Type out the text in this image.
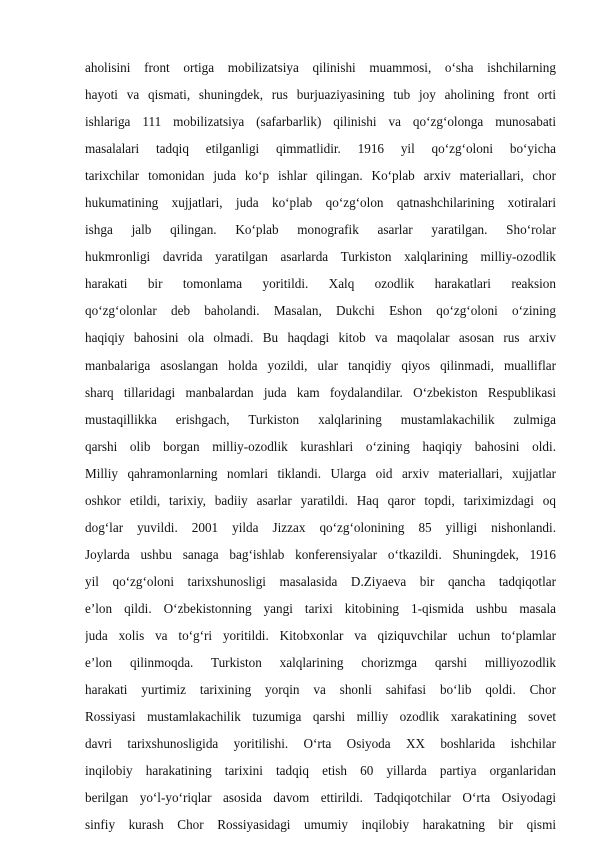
aholisini front ortiga mobilizatsiya qilinishi muammosi, o‘sha ishchilarning
hayoti va qismati, shuningdek, rus burjuaziyasining tub joy aholining front orti
ishlariga 111 mobilizatsiya (safarbarlik) qilinishi va qo‘zg‘olonga munosabati
masalalari tadqiq etilganligi qimmatlidir. 1916 yil qo‘zg‘oloni bo‘yicha
tarixchilar tomonidan juda ko‘p ishlar qilingan. Ko‘plab arxiv materiallari, chor
hukumatining xujjatlari, juda ko‘plab qo‘zg‘olon qatnashchilarining xotiralari
ishga jalb qilingan. Ko‘plab monografik asarlar yaratilgan. Sho‘rolar
hukmronligi davrida yaratilgan asarlarda Turkiston xalqlarining milliy-ozodlik
harakati bir tomonlama yoritildi. Xalq ozodlik harakatlari reaksion
qo‘zg‘olonlar deb baholandi. Masalan, Dukchi Eshon qo‘zg‘oloni o‘zining
haqiqiy bahosini ola olmadi. Bu haqdagi kitob va maqolalar asosan rus arxiv
manbalariga asoslangan holda yozildi, ular tanqidiy qiyos qilinmadi, mualliflar
sharq tillaridagi manbalardan juda kam foydalandilar. O‘zbekiston Respublikasi
mustaqillikka erishgach, Turkiston xalqlarining mustamlakachilik zulmiga
qarshi olib borgan milliy-ozodlik kurashlari o‘zining haqiqiy bahosini oldi.
Milliy qahramonlarning nomlari tiklandi. Ularga oid arxiv materiallari, xujjatlar
oshkor etildi, tarixiy, badiiy asarlar yaratildi. Haq qaror topdi, tariximizdagi oq
dog‘lar yuvildi. 2001 yilda Jizzax qo‘zg‘olonining 85 yilligi nishonlandi.
Joylarda ushbu sanaga bag‘ishlab konferensiyalar o‘tkazildi. Shuningdek, 1916
yil qo‘zg‘oloni tarixshunosligi masalasida D.Ziyaeva bir qancha tadqiqotlar
e’lon qildi. O‘zbekistonning yangi tarixi kitobining 1-qismida ushbu masala
juda xolis va to‘g‘ri yoritildi. Kitobxonlar va qiziquvchilar uchun to‘plamlar
e’lon qilinmoqda. Turkiston xalqlarining chorizmga qarshi milliyozodlik
harakati yurtimiz tarixining yorqin va shonli sahifasi bo‘lib qoldi. Chor
Rossiyasi mustamlakachilik tuzumiga qarshi milliy ozodlik xarakatining sovet
davri tarixshunosligida yoritilishi. O‘rta Osiyoda XX boshlarida ishchilar
inqilobiy harakatining tarixini tadqiq etish 60 yillarda partiya organlaridan
berilgan yo‘l-yo‘riqlar asosida davom ettirildi. Tadqiqotchilar O‘rta Osiyodagi
sinfiy kurash Chor Rossiyasidagi umumiy inqilobiy harakatning bir qismi
